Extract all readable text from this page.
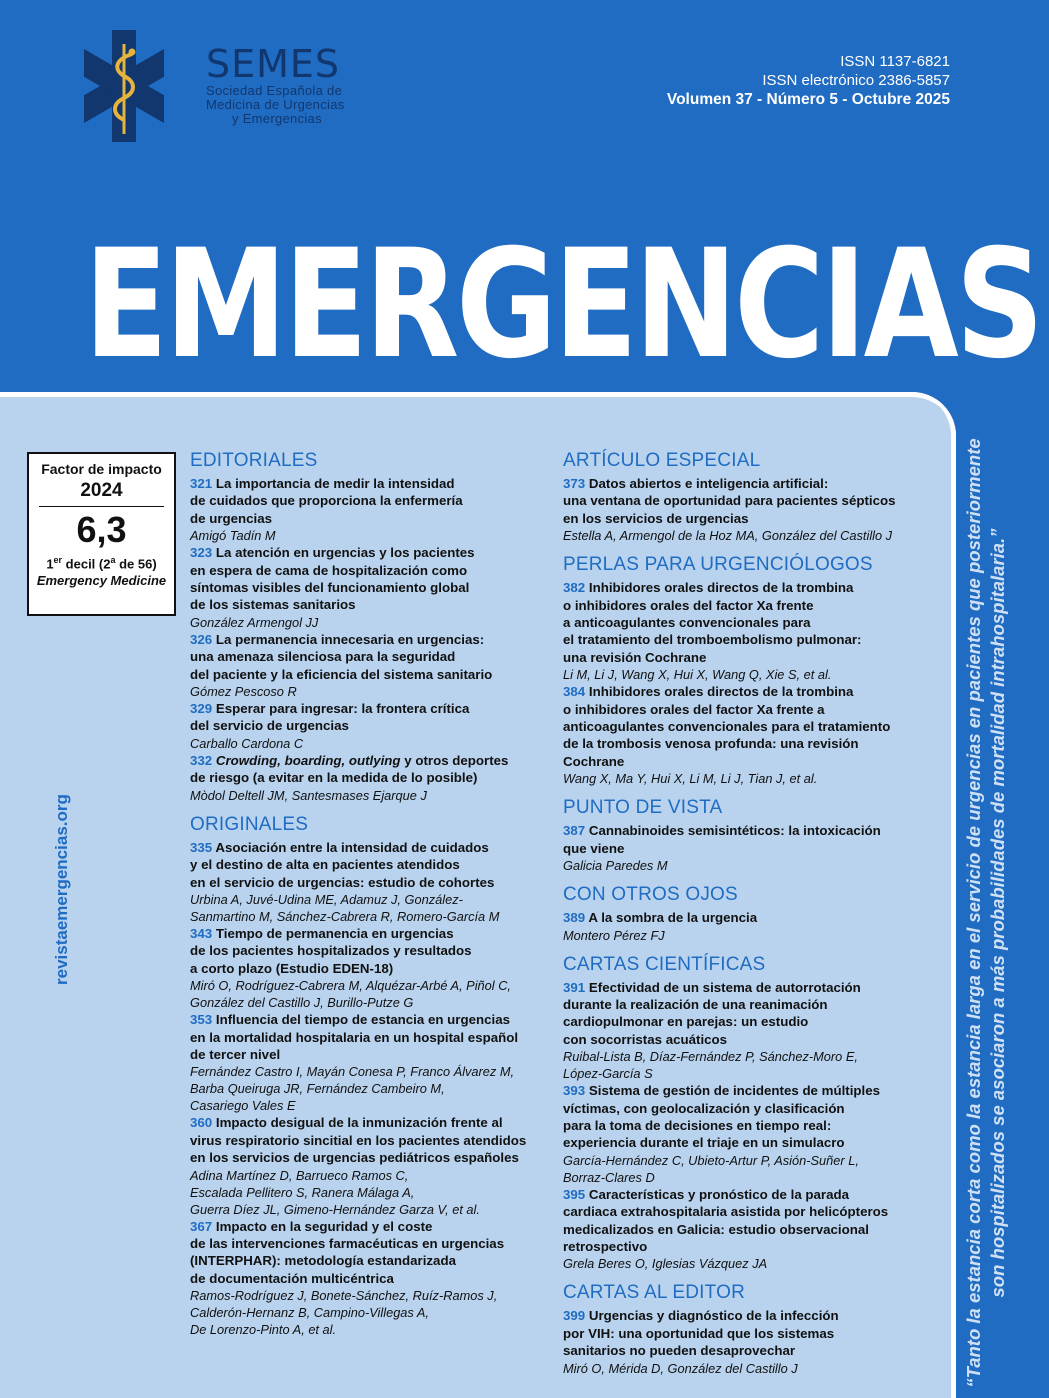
SEMES
Sociedad Española de
Medicina de Urgencias
y Emergencias
ISSN 1137-6821
ISSN electrónico 2386-5857
Volumen 37 - Número 5 - Octubre 2025
EMERGENCIAS
revistaemergencias.org
Factor de impacto
2024
6,3
1er decil (2$^a$ de 56)
Emergency Medicine
EDITORIALES
321 La importancia de medir la intensidad
de cuidados que proporciona la enfermería
de urgencias
Amigó Tadín M
323 La atención en urgencias y los pacientes
en espera de cama de hospitalización como
síntomas visibles del funcionamiento global
de los sistemas sanitarios
González Armengol JJ
326 La permanencia innecesaria en urgencias:
una amenaza silenciosa para la seguridad
del paciente y la eficiencia del sistema sanitario
Gómez Pescoso R
329 Esperar para ingresar: la frontera crítica
del servicio de urgencias
Carballo Cardona C
332 Crowding, boarding, outlying y otros deportes
de riesgo (a evitar en la medida de lo posible)
Mòdol Deltell JM, Santesmases Ejarque J
ORIGINALES
335 Asociación entre la intensidad de cuidados
y el destino de alta en pacientes atendidos
en el servicio de urgencias: estudio de cohortes
Urbina A, Juvé-Udina ME, Adamuz J, González-
Sanmartino M, Sánchez-Cabrera R, Romero-García M
343 Tiempo de permanencia en urgencias
de los pacientes hospitalizados y resultados
a corto plazo (Estudio EDEN-18)
Miró O, Rodríguez-Cabrera M, Alquézar-Arbé A, Piñol C,
González del Castillo J, Burillo-Putze G
353 Influencia del tiempo de estancia en urgencias
en la mortalidad hospitalaria en un hospital español
de tercer nivel
Fernández Castro I, Mayán Conesa P, Franco Álvarez M,
Barba Queiruga JR, Fernández Cambeiro M,
Casariego Vales E
360 Impacto desigual de la inmunización frente al
virus respiratorio sincitial en los pacientes atendidos
en los servicios de urgencias pediátricos españoles
Adina Martínez D, Barrueco Ramos C,
Escalada Pellitero S, Ranera Málaga A,
Guerra Díez JL, Gimeno-Hernández Garza V, et al.
367 Impacto en la seguridad y el coste
de las intervenciones farmacéuticas en urgencias
(INTERPHAR): metodología estandarizada
de documentación multicéntrica
Ramos-Rodríguez J, Bonete-Sánchez, Ruíz-Ramos J,
Calderón-Hernanz B, Campino-Villegas A,
De Lorenzo-Pinto A, et al.
ARTÍCULO ESPECIAL
373 Datos abiertos e inteligencia artificial:
una ventana de oportunidad para pacientes sépticos
en los servicios de urgencias
Estella A, Armengol de la Hoz MA, González del Castillo J
PERLAS PARA URGENCIÓLOGOS
382 Inhibidores orales directos de la trombina
o inhibidores orales del factor Xa frente
a anticoagulantes convencionales para
el tratamiento del tromboembolismo pulmonar:
una revisión Cochrane
Li M, Li J, Wang X, Hui X, Wang Q, Xie S, et al.
384 Inhibidores orales directos de la trombina
o inhibidores orales del factor Xa frente a
anticoagulantes convencionales para el tratamiento
de la trombosis venosa profunda: una revisión
Cochrane
Wang X, Ma Y, Hui X, Li M, Li J, Tian J, et al.
PUNTO DE VISTA
387 Cannabinoides semisintéticos: la intoxicación
que viene
Galicia Paredes M
CON OTROS OJOS
389 A la sombra de la urgencia
Montero Pérez FJ
CARTAS CIENTÍFICAS
391 Efectividad de un sistema de autorrotación
durante la realización de una reanimación
cardiopulmonar en parejas: un estudio
con socorristas acuáticos
Ruibal-Lista B, Díaz-Fernández P, Sánchez-Moro E,
López-García S
393 Sistema de gestión de incidentes de múltiples
víctimas, con geolocalización y clasificación
para la toma de decisiones en tiempo real:
experiencia durante el triaje en un simulacro
García-Hernández C, Ubieto-Artur P, Asión-Suñer L,
Borraz-Clares D
395 Características y pronóstico de la parada
cardiaca extrahospitalaria asistida por helicópteros
medicalizados en Galicia: estudio observacional
retrospectivo
Grela Beres O, Iglesias Vázquez JA
CARTAS AL EDITOR
399 Urgencias y diagnóstico de la infección
por VIH: una oportunidad que los sistemas
sanitarios no pueden desaprovechar
Miró O, Mérida D, González del Castillo J	“Tanto la estancia corta como la estancia larga en el servicio de urgencias en pacientes que posteriormente son hospitalizados se asociaron a más probabilidades de mortalidad intrahospitalaria.”
